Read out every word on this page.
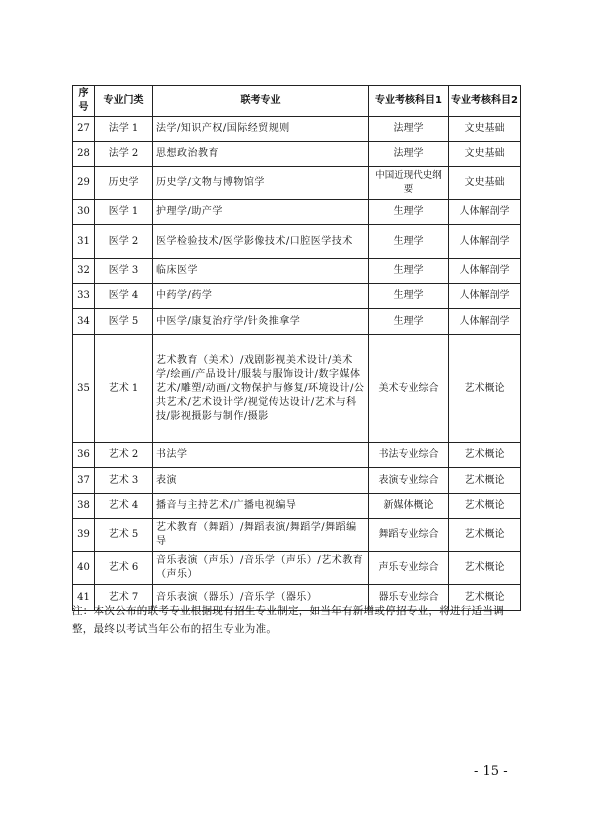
序号	专业门类	联考专业	专业考核科目1	专业考核科目2
27	法学 1	法学/知识产权/国际经贸规则	法理学	文史基础
28	法学 2	思想政治教育	法理学	文史基础
29	历史学	历史学/文物与博物馆学	中国近现代史纲要	文史基础
30	医学 1	护理学/助产学	生理学	人体解剖学
31	医学 2	医学检验技术/医学影像技术/口腔医学技术	生理学	人体解剖学
32	医学 3	临床医学	生理学	人体解剖学
33	医学 4	中药学/药学	生理学	人体解剖学
34	医学 5	中医学/康复治疗学/针灸推拿学	生理学	人体解剖学
35	艺术 1	艺术教育（美术）/戏剧影视美术设计/美术学/绘画/产品设计/服装与服饰设计/数字媒体艺术/雕塑/动画/文物保护与修复/环境设计/公共艺术/艺术设计学/视觉传达设计/艺术与科技/影视摄影与制作/摄影	美术专业综合	艺术概论
36	艺术 2	书法学	书法专业综合	艺术概论
37	艺术 3	表演	表演专业综合	艺术概论
38	艺术 4	播音与主持艺术/广播电视编导	新媒体概论	艺术概论
39	艺术 5	艺术教育（舞蹈）/舞蹈表演/舞蹈学/舞蹈编导	舞蹈专业综合	艺术概论
40	艺术 6	音乐表演（声乐）/音乐学（声乐）/艺术教育（声乐）	声乐专业综合	艺术概论
41	艺术 7	音乐表演（器乐）/音乐学（器乐）	器乐专业综合	艺术概论
注：本次公布的联考专业根据现有招生专业制定，如当年有新增或停招专业，将进行适当调整，最终以考试当年公布的招生专业为准。
- 15 -
